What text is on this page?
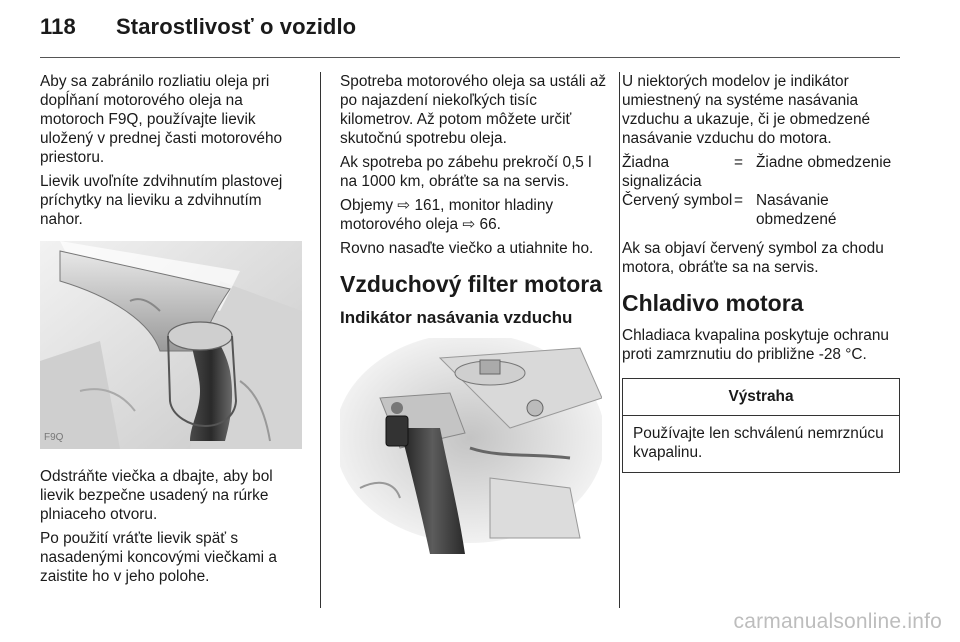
118 Starostlivosť o vozidlo

Aby sa zabránilo rozliatiu oleja pri dopĺňaní motorového oleja na motoroch F9Q, používajte lievik uložený v prednej časti motorového priestoru.

Lievik uvoľníte zdvihnutím plastovej príchytky na lieviku a zdvihnutím nahor.

F9Q

Odstráňte viečka a dbajte, aby bol lievik bezpečne usadený na rúrke plniaceho otvoru.

Po použití vráťte lievik späť s nasadenými koncovými viečkami a zaistite ho v jeho polohe.

Spotreba motorového oleja sa ustáli až po najazdení niekoľkých tisíc kilometrov. Až potom môžete určiť skutočnú spotrebu oleja.

Ak spotreba po zábehu prekročí 0,5 l na 1000 km, obráťte sa na servis.

Objemy ⇨ 161, monitor hladiny motorového oleja ⇨ 66.

Rovno nasaďte viečko a utiahnite ho.

Vzduchový filter motora
Indikátor nasávania vzduchu

U niektorých modelov je indikátor umiestnený na systéme nasávania vzduchu a ukazuje, či je obmedzené nasávanie vzduchu do motora.

Žiadna signalizácia
= Žiadne obmedzenie
Červený symbol = Nasávanie obmedzené

Ak sa objaví červený symbol za chodu motora, obráťte sa na servis.

Chladivo motora

Chladiaca kvapalina poskytuje ochranu proti zamrznutiu do približne -28 °C.

Výstraha
Používajte len schválenú nemrznúcu kvapalinu.
carmanualsonline.info
